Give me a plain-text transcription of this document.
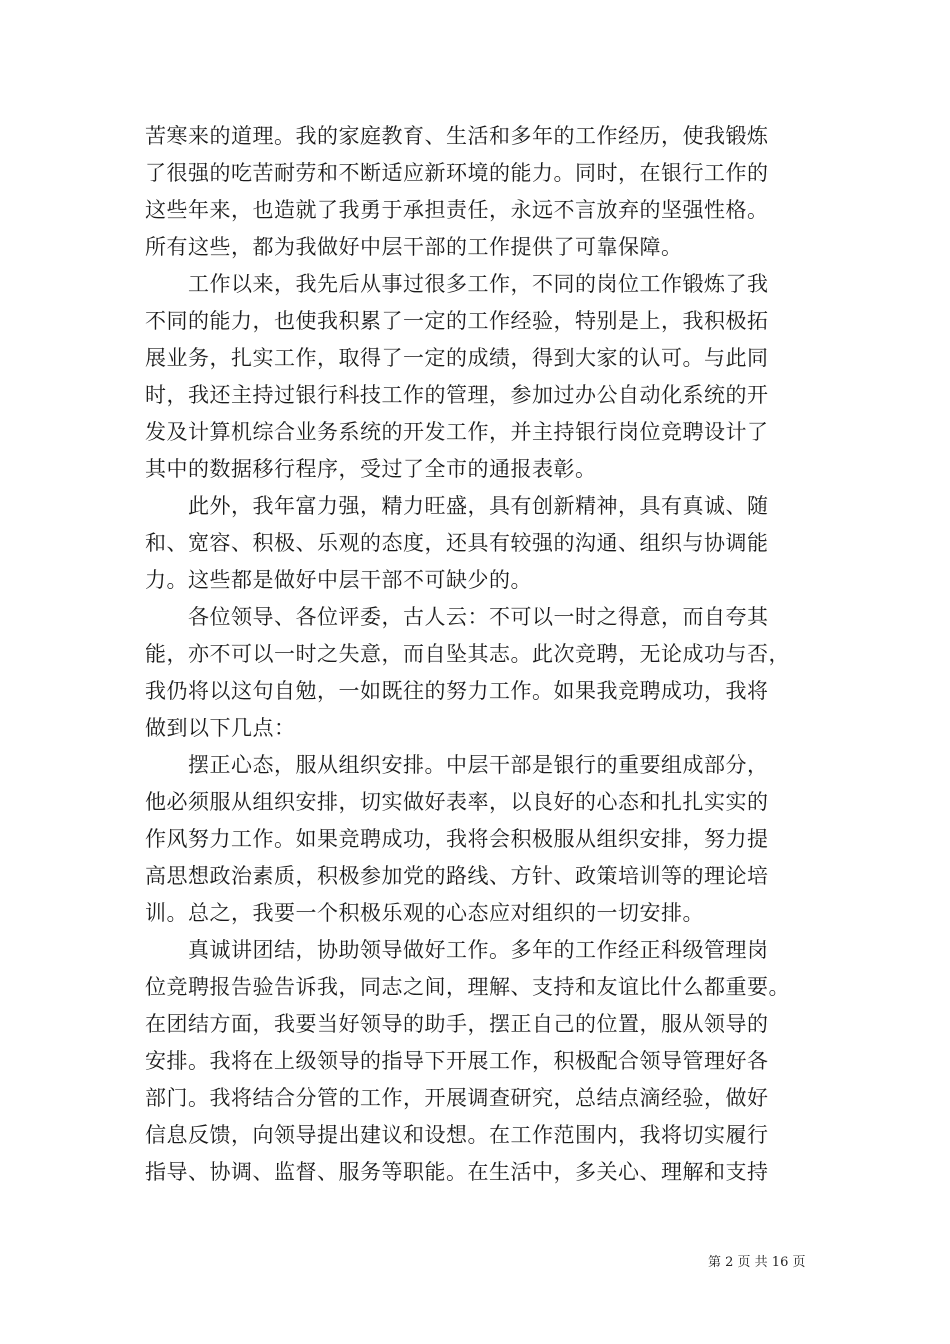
苦寒来的道理。我的家庭教育、生活和多年的工作经历，使我锻炼
了很强的吃苦耐劳和不断适应新环境的能力。同时，在银行工作的
这些年来，也造就了我勇于承担责任，永远不言放弃的坚强性格。
所有这些，都为我做好中层干部的工作提供了可靠保障。
　　工作以来，我先后从事过很多工作，不同的岗位工作锻炼了我
不同的能力，也使我积累了一定的工作经验，特别是上，我积极拓
展业务，扎实工作，取得了一定的成绩，得到大家的认可。与此同
时，我还主持过银行科技工作的管理，参加过办公自动化系统的开
发及计算机综合业务系统的开发工作，并主持银行岗位竞聘设计了
其中的数据移行程序，受过了全市的通报表彰。
　　此外，我年富力强，精力旺盛，具有创新精神，具有真诚、随
和、宽容、积极、乐观的态度，还具有较强的沟通、组织与协调能
力。这些都是做好中层干部不可缺少的。
　　各位领导、各位评委，古人云：不可以一时之得意，而自夸其
能，亦不可以一时之失意，而自坠其志。此次竞聘，无论成功与否，
我仍将以这句自勉，一如既往的努力工作。如果我竞聘成功，我将
做到以下几点：
　　摆正心态，服从组织安排。中层干部是银行的重要组成部分，
他必须服从组织安排，切实做好表率，以良好的心态和扎扎实实的
作风努力工作。如果竞聘成功，我将会积极服从组织安排，努力提
高思想政治素质，积极参加党的路线、方针、政策培训等的理论培
训。总之，我要一个积极乐观的心态应对组织的一切安排。
　　真诚讲团结，协助领导做好工作。多年的工作经正科级管理岗
位竞聘报告验告诉我，同志之间，理解、支持和友谊比什么都重要。
在团结方面，我要当好领导的助手，摆正自己的位置，服从领导的
安排。我将在上级领导的指导下开展工作，积极配合领导管理好各
部门。我将结合分管的工作，开展调查研究，总结点滴经验，做好
信息反馈，向领导提出建议和设想。在工作范围内，我将切实履行
指导、协调、监督、服务等职能。在生活中，多关心、理解和支持
第 2 页 共 16 页
